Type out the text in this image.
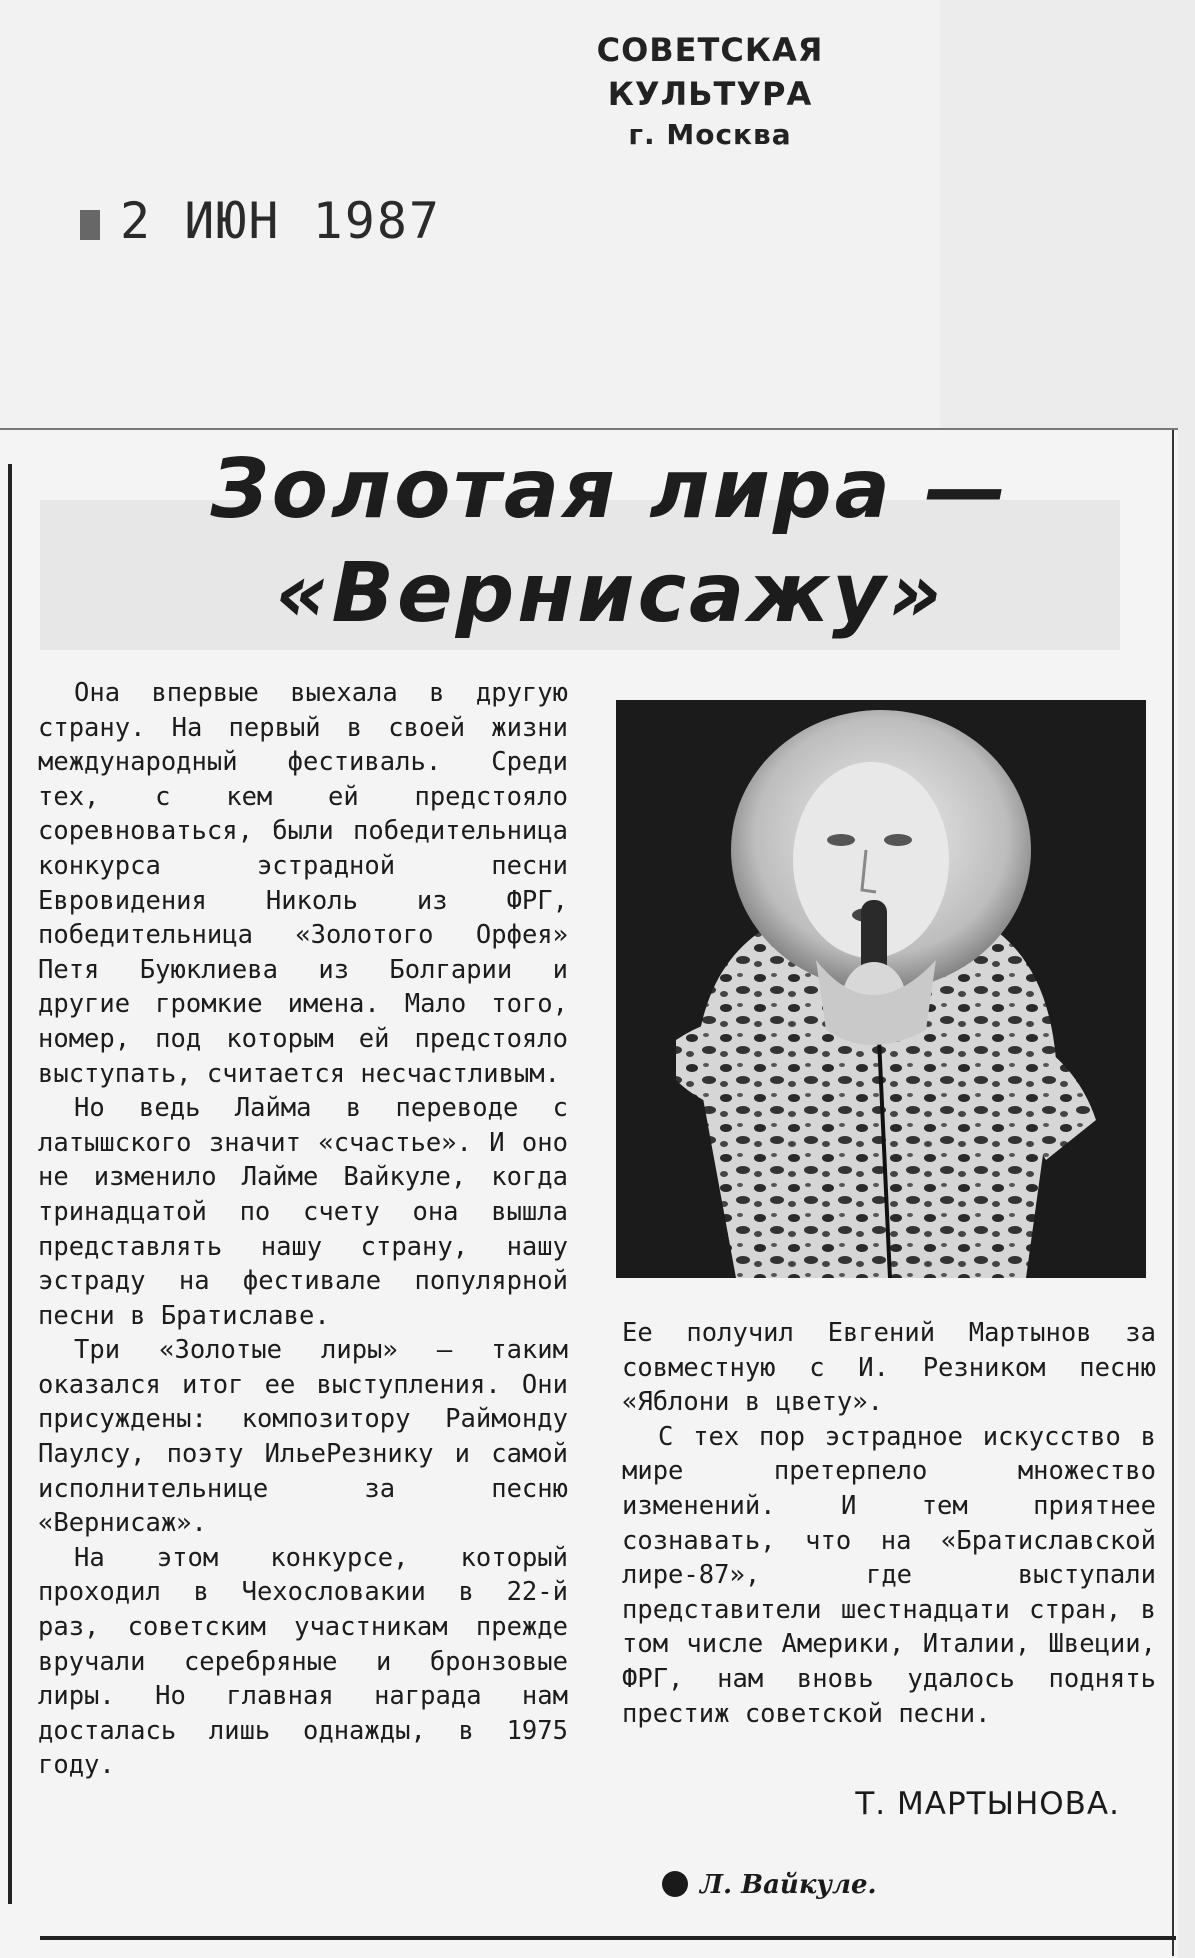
СОВЕТСКАЯ КУЛЬТУРА
г. Москва
2 ИЮН 1987
Золотая лира —
«Вернисажу»

Она впервые выехала в другую страну. На первый в своей жизни международный фестиваль. Среди тех, с кем ей предстояло соревноваться, были победительница конкурса эстрадной песни Евровидения Николь из ФРГ, победительница «Золотого Орфея» Петя Буюклиева из Болгарии и другие громкие имена. Мало того, номер, под которым ей предстояло выступать, считается несчастливым.

Но ведь Лайма в переводе с латышского значит «счастье». И оно не изменило Лайме Вайкуле, когда тринадцатой по счету она вышла представлять нашу страну, нашу эстраду на фестивале популярной песни в Братиславе.

Три «Золотые лиры» — таким оказался итог ее выступления. Они присуждены: композитору Раймонду Паулсу, поэту ИльеРезнику и самой исполнительнице за песню «Вернисаж».

На этом конкурсе, который проходил в Чехословакии в 22-й раз, советским участникам прежде вручали серебряные и бронзовые лиры. Но главная награда нам досталась лишь однажды, в 1975 году.

Ее получил Евгений Мартынов за совместную с И. Резником песню «Яблони в цвету».

С тех пор эстрадное искусство в мире претерпело множество изменений. И тем приятнее сознавать, что на «Братиславской лире-87», где выступали представители шестнадцати стран, в том числе Америки, Италии, Швеции, ФРГ, нам вновь удалось поднять престиж советской песни.

Т. МАРТЫНОВА.
Л. Вайкуле.
